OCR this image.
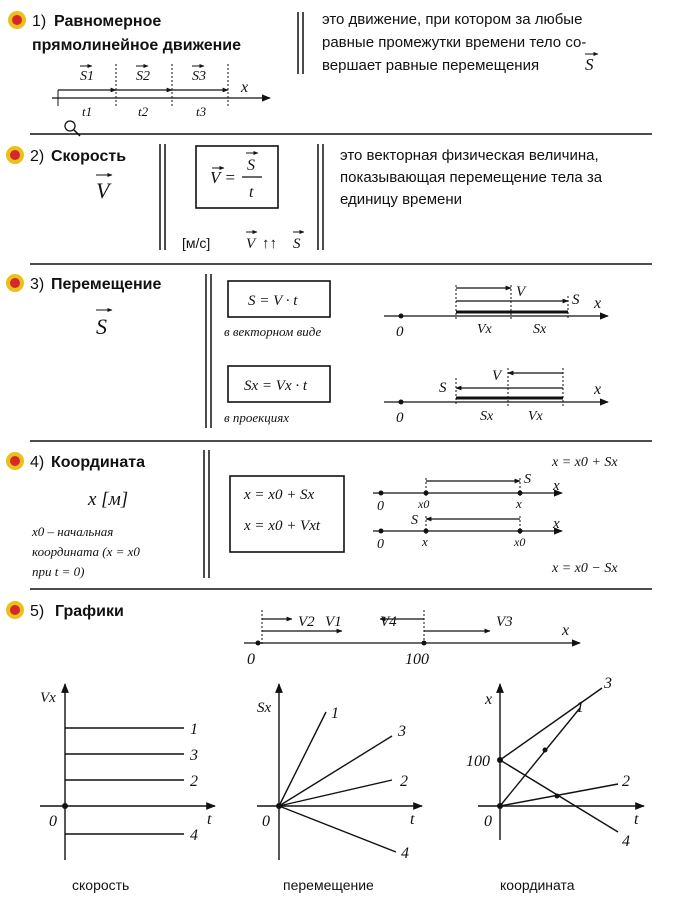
1) Равномерное
прямолинейное движение
это движение, при котором за любые
равные промежутки времени тело со-
вершает равные перемещения	S
S1	S2	S3
t1	t2	t3
x
2) Скорость
V
V =
S
t
[м/с] V ↑↑ S
это векторная физическая величина,
показывающая перемещение тела за
единицу времени
3) Перемещение
S
S = V · t
в векторном виде
Sx = Vx · t
в проекциях
0
x
V	S
Vx	Sx
0
x
V
S
Sx Vx
4) Координата
x [м]
x0 – начальная
координата (x = x0
при t = 0)
x = x0 + Sx
x = x0 + Vxt
x = x0 + Sx
x = x0 − Sx
0	x0	x
S x
0	x	x0
S	x
5) Графики
V2 V1	V4	V3
0	100
x
1
3
2
4
Vx
t
0
скорость
1
3
2
4
Sx
t
0
перемещение
3
1
2
4
x
t
0
100
координата
